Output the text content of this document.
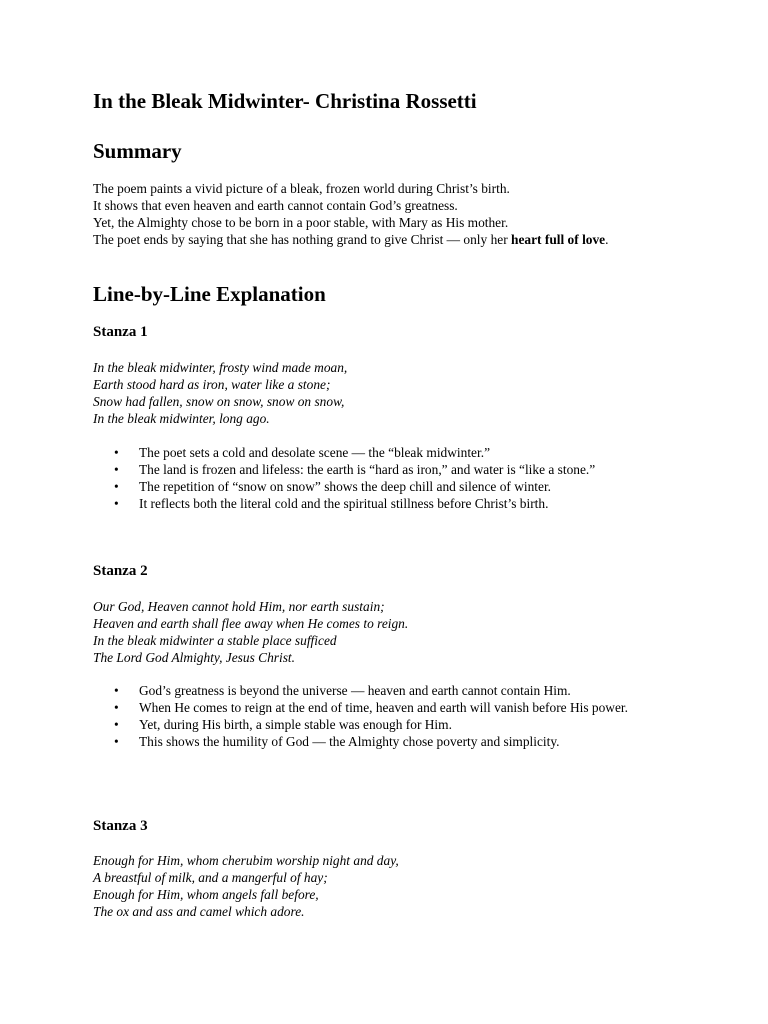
In the Bleak Midwinter- Christina Rossetti
Summary

The poem paints a vivid picture of a bleak, frozen world during Christ’s birth.

It shows that even heaven and earth cannot contain God’s greatness.

Yet, the Almighty chose to be born in a poor stable, with Mary as His mother.

The poet ends by saying that she has nothing grand to give Christ — only her heart full of love.

Line-by-Line Explanation
Stanza 1

In the bleak midwinter, frosty wind made moan,

Earth stood hard as iron, water like a stone;

Snow had fallen, snow on snow, snow on snow,

In the bleak midwinter, long ago.

• The poet sets a cold and desolate scene — the “bleak midwinter.”
• The land is frozen and lifeless: the earth is “hard as iron,” and water is “like a stone.”
• The repetition of “snow on snow” shows the deep chill and silence of winter.
• It reflects both the literal cold and the spiritual stillness before Christ’s birth.
Stanza 2

Our God, Heaven cannot hold Him, nor earth sustain;

Heaven and earth shall flee away when He comes to reign.

In the bleak midwinter a stable place sufficed

The Lord God Almighty, Jesus Christ.

• God’s greatness is beyond the universe — heaven and earth cannot contain Him.
• When He comes to reign at the end of time, heaven and earth will vanish before His power.
• Yet, during His birth, a simple stable was enough for Him.
• This shows the humility of God — the Almighty chose poverty and simplicity.
Stanza 3

Enough for Him, whom cherubim worship night and day,

A breastful of milk, and a mangerful of hay;

Enough for Him, whom angels fall before,

The ox and ass and camel which adore.
